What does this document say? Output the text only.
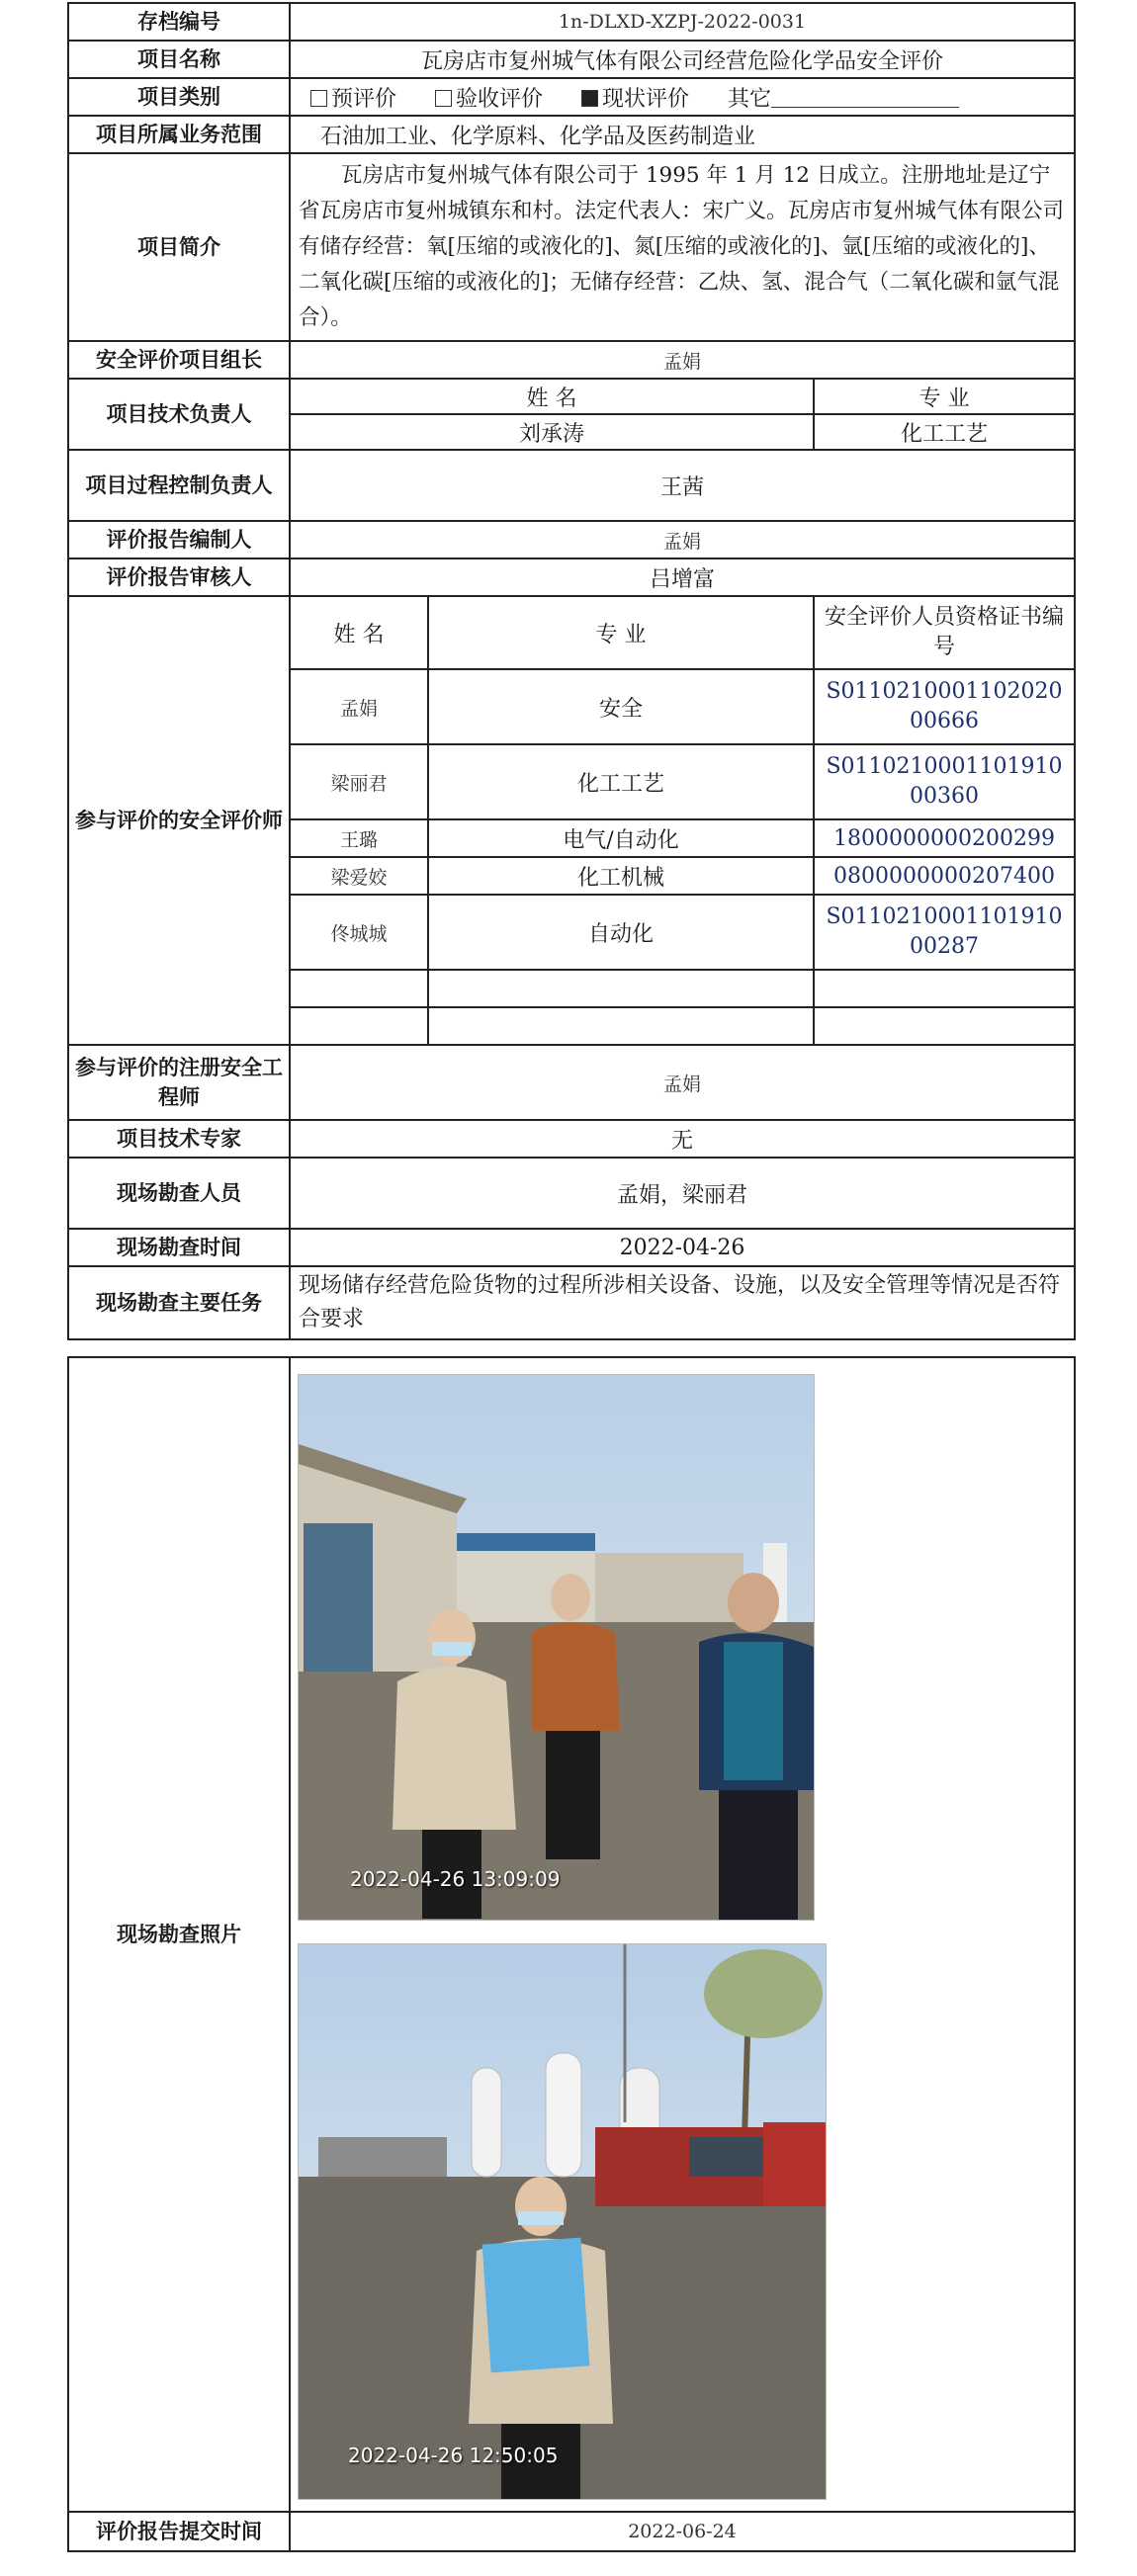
存档编号	1n-DLXD-XZPJ-2022-0031		
项目名称	瓦房店市复州城气体有限公司经营危险化学品安全评价		
项目类别	预评价 验收评价 现状评价 其它		
项目所属业务范围	石油加工业、化学原料、化学品及医药制造业		
项目简介	瓦房店市复州城气体有限公司于 1995 年 1 月 12 日成立。注册地址是辽宁省瓦房店市复州城镇东和村。法定代表人：宋广义。瓦房店市复州城气体有限公司有储存经营：氧[压缩的或液化的]、氮[压缩的或液化的]、氩[压缩的或液化的]、二氧化碳[压缩的或液化的]；无储存经营：乙炔、氢、混合气（二氧化碳和氩气混合）。		
安全评价项目组长	孟娟		
项目技术负责人	姓 名		专 业
	刘承涛		化工工艺
项目过程控制负责人	王茜		
评价报告编制人	孟娟		
评价报告审核人	吕增富		
参与评价的安全评价师	姓 名	专 业	安全评价人员资格证书编号
	孟娟	安全	S011021000110202000666
	梁丽君	化工工艺	S011021000110191000360
	王璐	电气/自动化	1800000000200299
	梁爱姣	化工机械	0800000000207400
	佟城城	自动化	S011021000110191000287

参与评价的注册安全工程师	孟娟		
项目技术专家	无		
现场勘查人员	孟娟，梁丽君		
现场勘查时间	2022-04-26		
现场勘查主要任务	现场储存经营危险货物的过程所涉相关设备、设施，以及安全管理等情况是否符合要求		
现场勘查照片	
评价报告提交时间	2022-06-24
2022-04-26 13:09:09
2022-04-26 12:50:05
